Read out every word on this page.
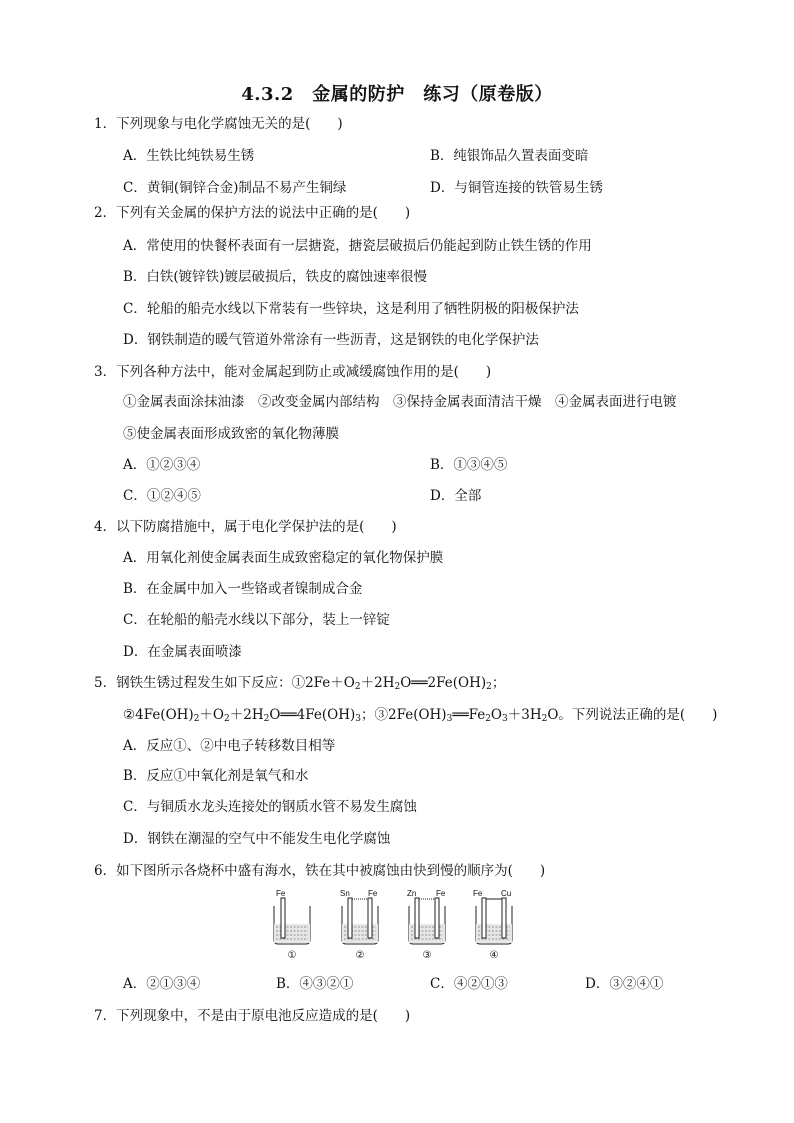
4.3.2　金属的防护　练习（原卷版）
1．下列现象与电化学腐蚀无关的是(　　)
A．生铁比纯铁易生锈	B．纯银饰品久置表面变暗
C．黄铜(铜锌合金)制品不易产生铜绿	D．与铜管连接的铁管易生锈
2．下列有关金属的保护方法的说法中正确的是(　　)
A．常使用的快餐杯表面有一层搪瓷，搪瓷层破损后仍能起到防止铁生锈的作用
B．白铁(镀锌铁)镀层破损后，铁皮的腐蚀速率很慢
C．轮船的船壳水线以下常装有一些锌块，这是利用了牺牲阴极的阳极保护法
D．钢铁制造的暖气管道外常涂有一些沥青，这是钢铁的电化学保护法
3．下列各种方法中，能对金属起到防止或减缓腐蚀作用的是(　　)
①金属表面涂抹油漆　②改变金属内部结构　③保持金属表面清洁干燥　④金属表面进行电镀
⑤使金属表面形成致密的氧化物薄膜
A．①②③④	B．①③④⑤
C．①②④⑤	D．全部
4．以下防腐措施中，属于电化学保护法的是(　　)
A．用氧化剂使金属表面生成致密稳定的氧化物保护膜
B．在金属中加入一些铬或者镍制成合金
C．在轮船的船壳水线以下部分，装上一锌锭
D．在金属表面喷漆
5．钢铁生锈过程发生如下反应：$①2Fe+O_2+2H_2O══2Fe(OH)_2$；
$②4Fe(OH)_2+O_2+2H_2O══4Fe(OH)_3$；$③2Fe(OH)_3══Fe_2O_3+3H_2O$。下列说法正确的是(　　)
A．反应①、②中电子转移数目相等
B．反应①中氧化剂是氧气和水
C．与铜质水龙头连接处的钢质水管不易发生腐蚀
D．钢铁在潮湿的空气中不能发生电化学腐蚀
6．如下图所示各烧杯中盛有海水，铁在其中被腐蚀由快到慢的顺序为(　　)
Fe	Sn Fe	Zn Fe	Fe Cu
①	②	③	④
A．②①③④	B．④③②①	C．④②①③	D．③②④①
7．下列现象中，不是由于原电池反应造成的是(　　)
